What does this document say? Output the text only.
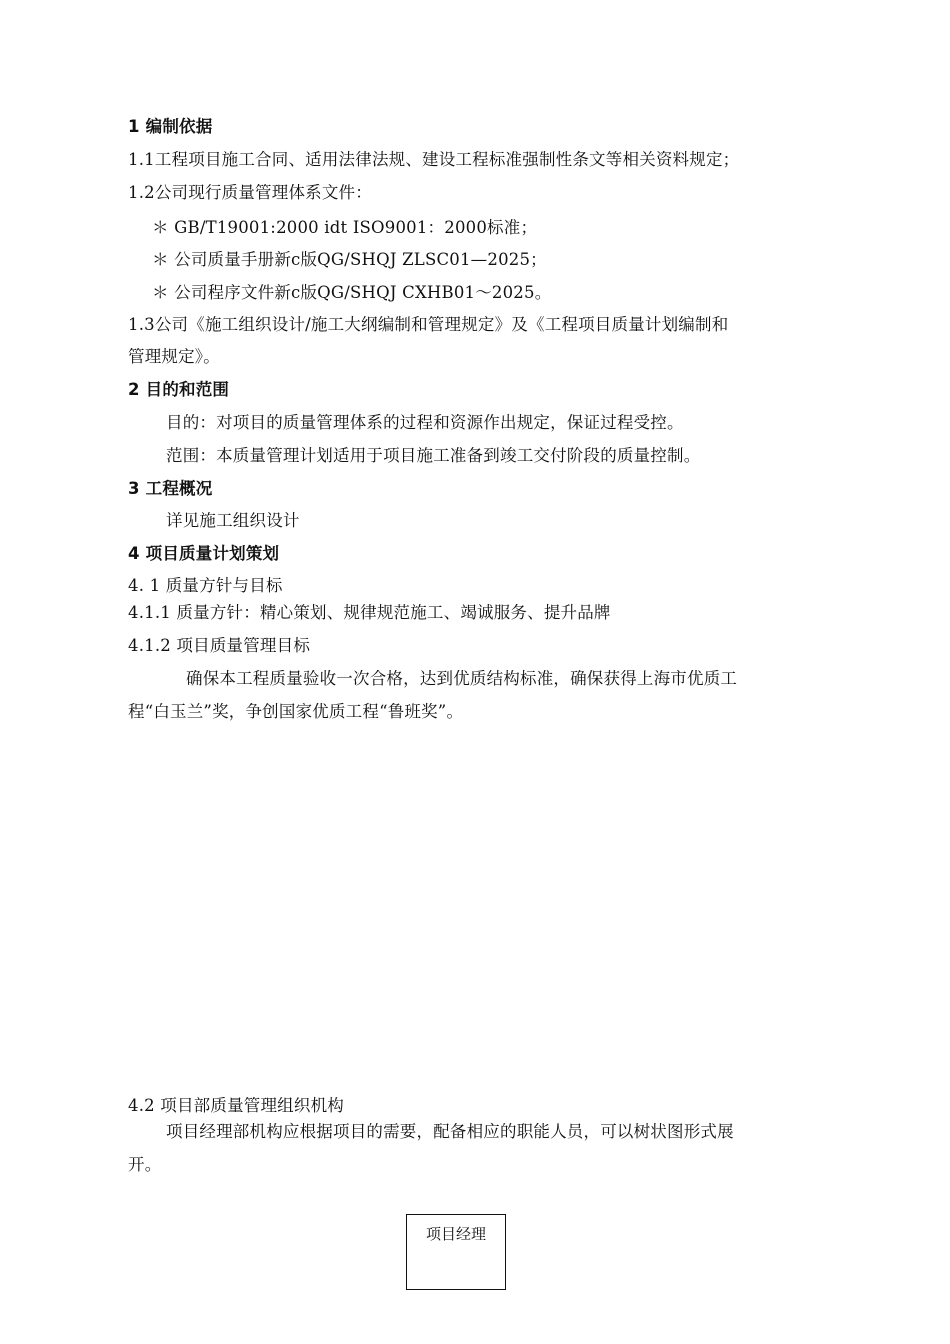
1 编制依据
1.1工程项目施工合同、适用法律法规、建设工程标准强制性条文等相关资料规定；
1.2公司现行质量管理体系文件：
＊ GB/T19001:2000 idt ISO9001：2000标准；
＊ 公司质量手册新c版QG/SHQJ ZLSC01—2025；
＊ 公司程序文件新c版QG/SHQJ CXHB01～2025。
1.3公司《施工组织设计/施工大纲编制和管理规定》及《工程项目质量计划编制和
管理规定》。
2 目的和范围
目的：对项目的质量管理体系的过程和资源作出规定，保证过程受控。
范围：本质量管理计划适用于项目施工准备到竣工交付阶段的质量控制。
3 工程概况
详见施工组织设计
4 项目质量计划策划
4. 1 质量方针与目标
4.1.1 质量方针：精心策划、规律规范施工、竭诚服务、提升品牌
4.1.2 项目质量管理目标
确保本工程质量验收一次合格，达到优质结构标准，确保获得上海市优质工
程“白玉兰”奖，争创国家优质工程“鲁班奖”。
4.2 项目部质量管理组织机构
项目经理部机构应根据项目的需要，配备相应的职能人员，可以树状图形式展
开。
项目经理
